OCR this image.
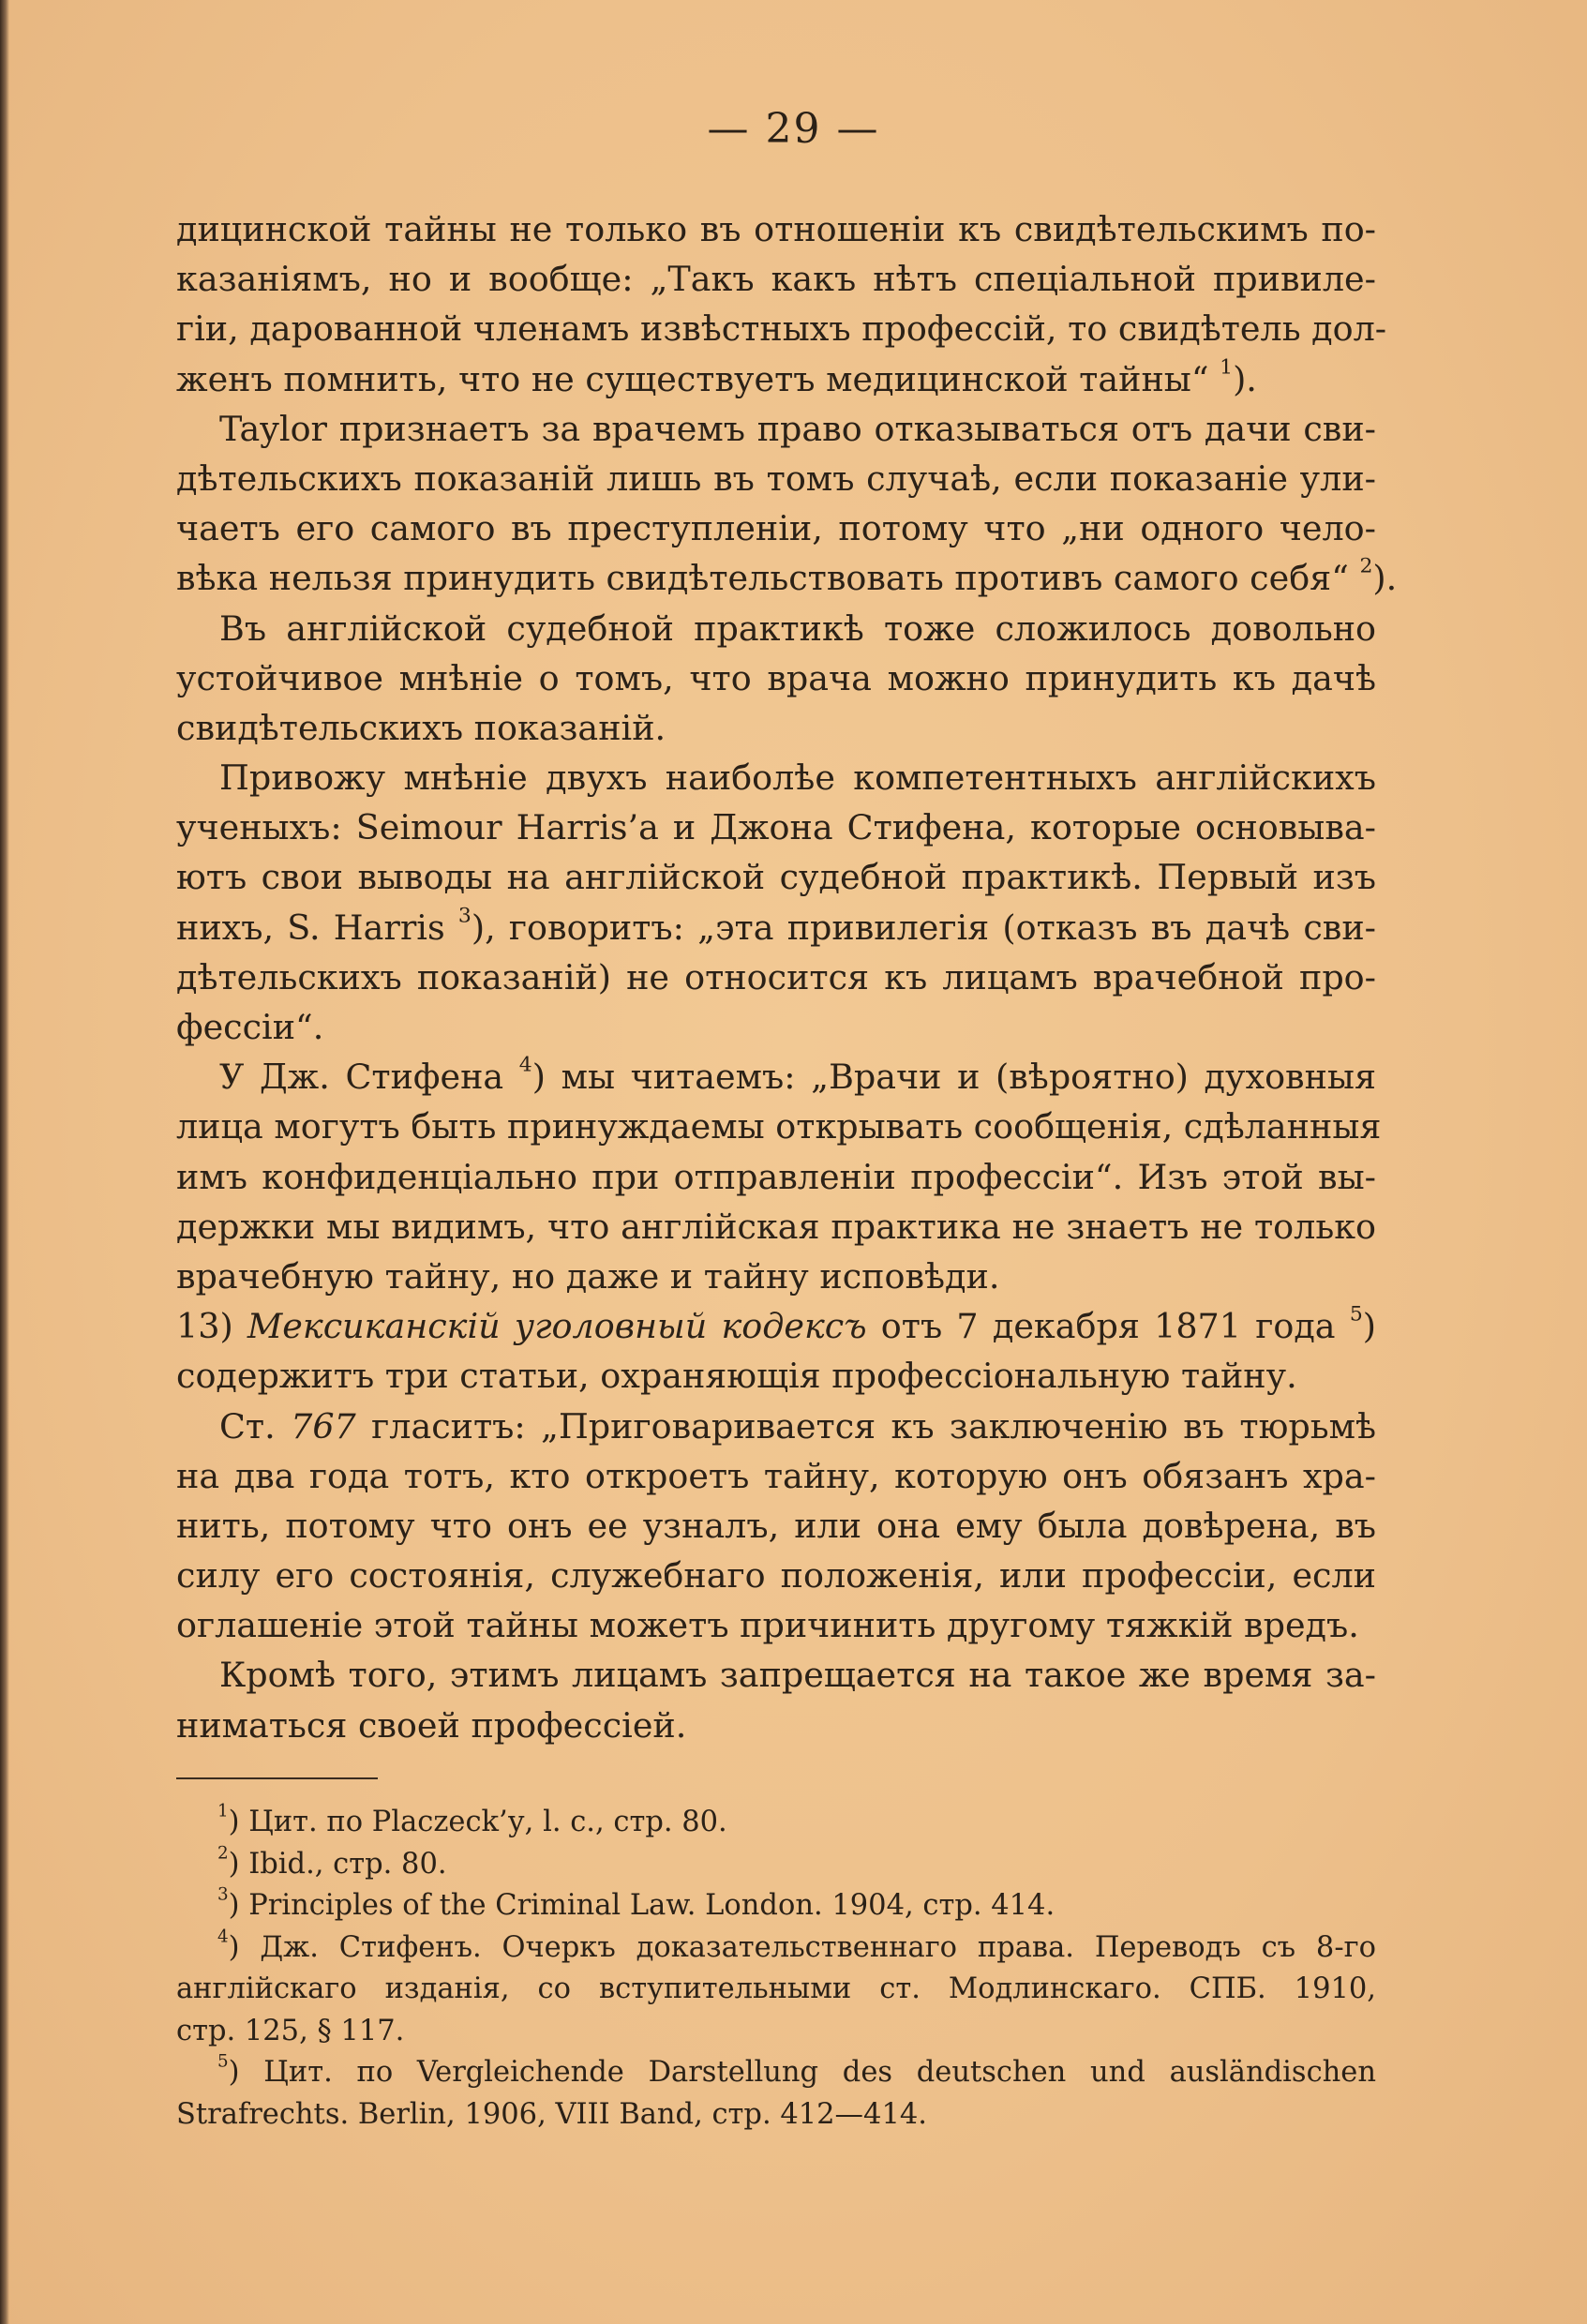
— 29 —
дицинской тайны не только въ отношеніи къ свидѣтельскимъ по-
казаніямъ, но и вообще: „Такъ какъ нѣтъ спеціальной привиле-
гіи, дарованной членамъ извѣстныхъ профессій, то свидѣтель дол-
женъ помнить, что не существуетъ медицинской тайны“ $^1$).
Taylor признаетъ за врачемъ право отказываться отъ дачи сви-
дѣтельскихъ показаній лишь въ томъ случаѣ, если показаніе ули-
чаетъ его самого въ преступленіи, потому что „ни одного чело-
вѣка нельзя принудить свидѣтельствовать противъ самого себя“ $^2$).
Въ англійской судебной практикѣ тоже сложилось довольно
устойчивое мнѣніе о томъ, что врача можно принудить къ дачѣ
свидѣтельскихъ показаній.
Привожу мнѣніе двухъ наиболѣе компетентныхъ англійскихъ
ученыхъ: Seimour Harris’а и Джона Стифена, которые основыва-
ютъ свои выводы на англійской судебной практикѣ. Первый изъ
нихъ, S. Harris $^3$), говоритъ: „эта привилегія (отказъ въ дачѣ сви-
дѣтельскихъ показаній) не относится къ лицамъ врачебной про-
фессіи“.
У Дж. Стифена $^4$) мы читаемъ: „Врачи и (вѣроятно) духовныя
лица могутъ быть принуждаемы открывать сообщенія, сдѣланныя
имъ конфиденціально при отправленіи профессіи“. Изъ этой вы-
держки мы видимъ, что англійская практика не знаетъ не только
врачебную тайну, но даже и тайну исповѣди.
13) Мексиканскій уголовный кодексъ отъ 7 декабря 1871 года $^5$)
содержитъ три статьи, охраняющія профессіональную тайну.
Ст. 767 гласитъ: „Приговаривается къ заключенію въ тюрьмѣ
на два года тотъ, кто откроетъ тайну, которую онъ обязанъ хра-
нить, потому что онъ ее узналъ, или она ему была довѣрена, въ
силу его состоянія, служебнаго положенія, или профессіи, если
оглашеніе этой тайны можетъ причинить другому тяжкій вредъ.
Кромѣ того, этимъ лицамъ запрещается на такое же время за-
ниматься своей профессіей.
$^1$) Цит. по Placzeck’у, l. c., стр. 80.
$^2$) Ibid., стр. 80.
$^3$) Principles of the Criminal Law. London. 1904, стр. 414.
$^4$) Дж. Стифенъ. Очеркъ доказательственнаго права. Переводъ съ 8-го
англійскаго изданія, со вступительными ст. Модлинскаго. СПБ. 1910,
стр. 125, § 117.
$^5$) Цит. по Vergleichende Darstellung des deutschen und ausländischen
Strafrechts. Berlin, 1906, VIII Band, стр. 412—414.
